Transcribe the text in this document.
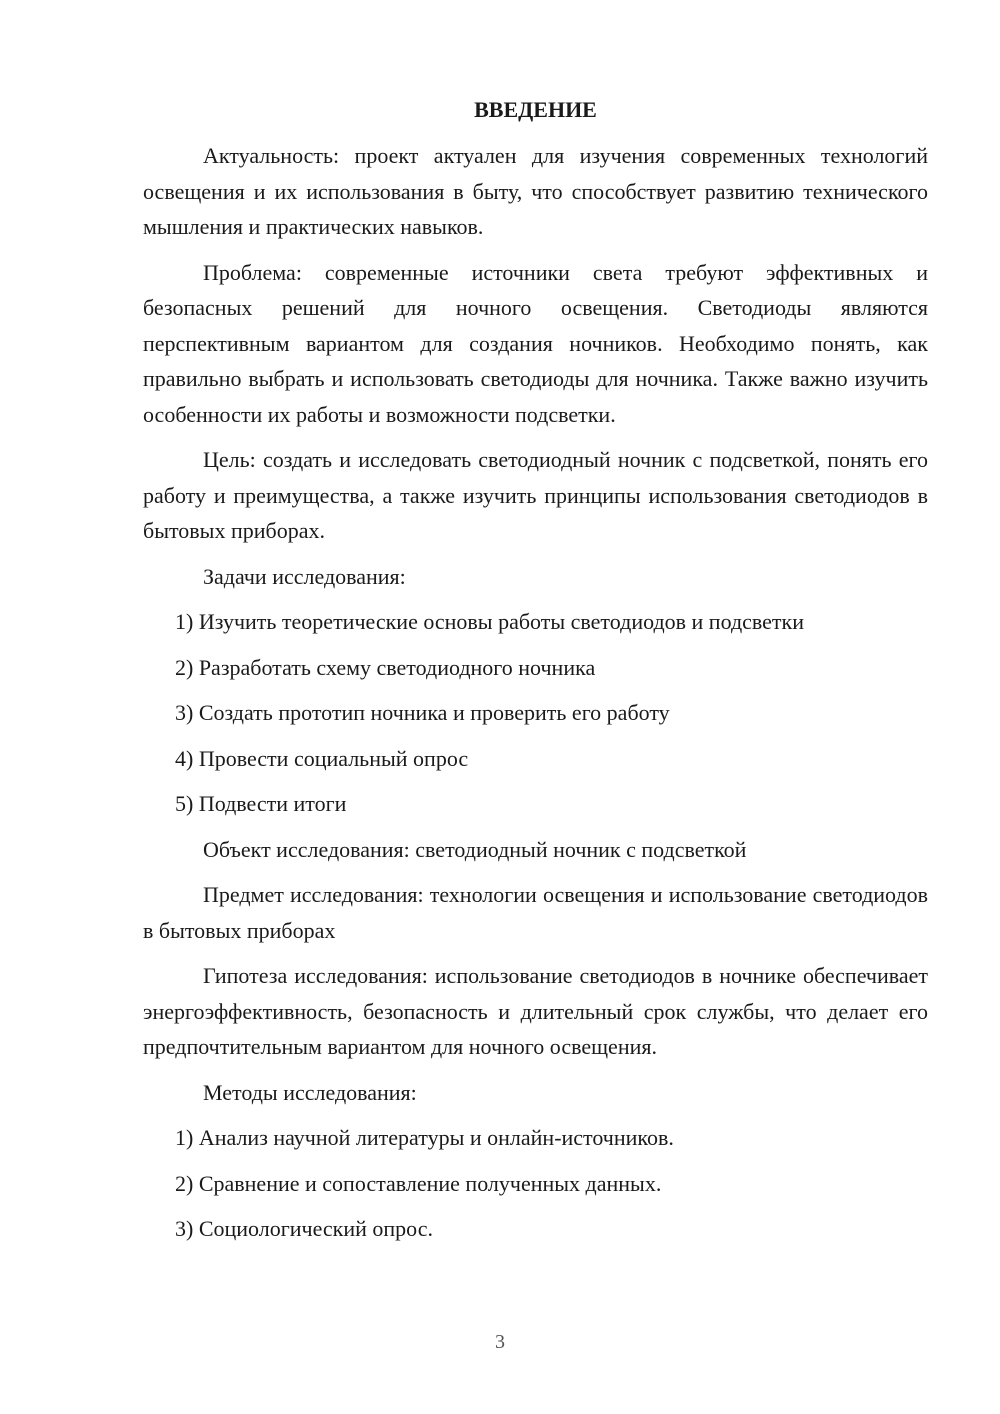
ВВЕДЕНИЕ

Актуальность: проект актуален для изучения современных технологий освещения и их использования в быту, что способствует развитию технического мышления и практических навыков.

Проблема: современные источники света требуют эффективных и безопасных решений для ночного освещения. Светодиоды являются перспективным вариантом для создания ночников. Необходимо понять, как правильно выбрать и использовать светодиоды для ночника. Также важно изучить особенности их работы и возможности подсветки.

Цель: создать и исследовать светодиодный ночник с подсветкой, понять его работу и преимущества, а также изучить принципы использования светодиодов в бытовых приборах.

Задачи исследования:

1) Изучить теоретические основы работы светодиодов и подсветки
2) Разработать схему светодиодного ночника
3) Создать прототип ночника и проверить его работу
4) Провести социальный опрос
5) Подвести итоги

Объект исследования: светодиодный ночник с подсветкой

Предмет исследования: технологии освещения и использование светодиодов в бытовых приборах

Гипотеза исследования: использование светодиодов в ночнике обеспечивает энергоэффективность, безопасность и длительный срок службы, что делает его предпочтительным вариантом для ночного освещения.

Методы исследования:

1) Анализ научной литературы и онлайн-источников.
2) Сравнение и сопоставление полученных данных.
3) Социологический опрос.
3
